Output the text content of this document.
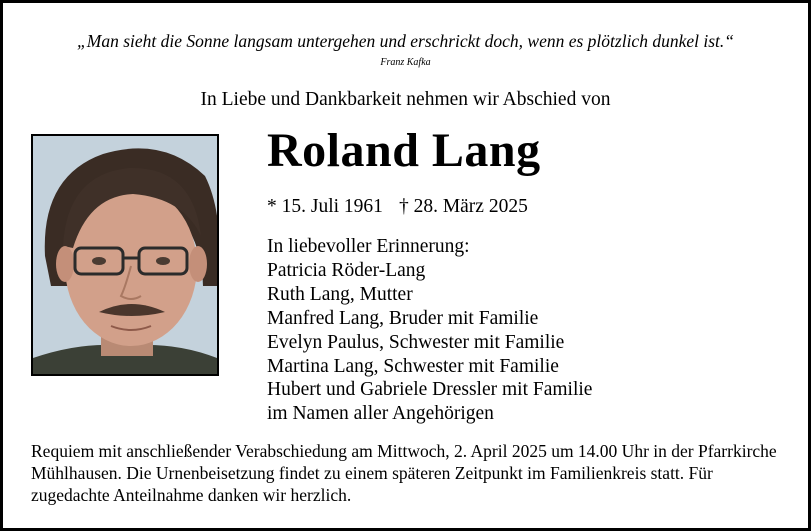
„Man sieht die Sonne langsam untergehen und erschrickt doch, wenn es plötzlich dunkel ist.“
Franz Kafka
In Liebe und Dankbarkeit nehmen wir Abschied von
Roland Lang
* 15. Juli 1961 † 28. März 2025
In liebevoller Erinnerung:
Patricia Röder-Lang
Ruth Lang, Mutter
Manfred Lang, Bruder mit Familie
Evelyn Paulus, Schwester mit Familie
Martina Lang, Schwester mit Familie
Hubert und Gabriele Dressler mit Familie
im Namen aller Angehörigen
Requiem mit anschließender Verabschiedung am Mittwoch, 2. April 2025 um 14.00 Uhr in der Pfarrkirche Mühlhausen. Die Urnenbeisetzung findet zu einem späteren Zeitpunkt im Familienkreis statt. Für zugedachte Anteilnahme danken wir herzlich.
